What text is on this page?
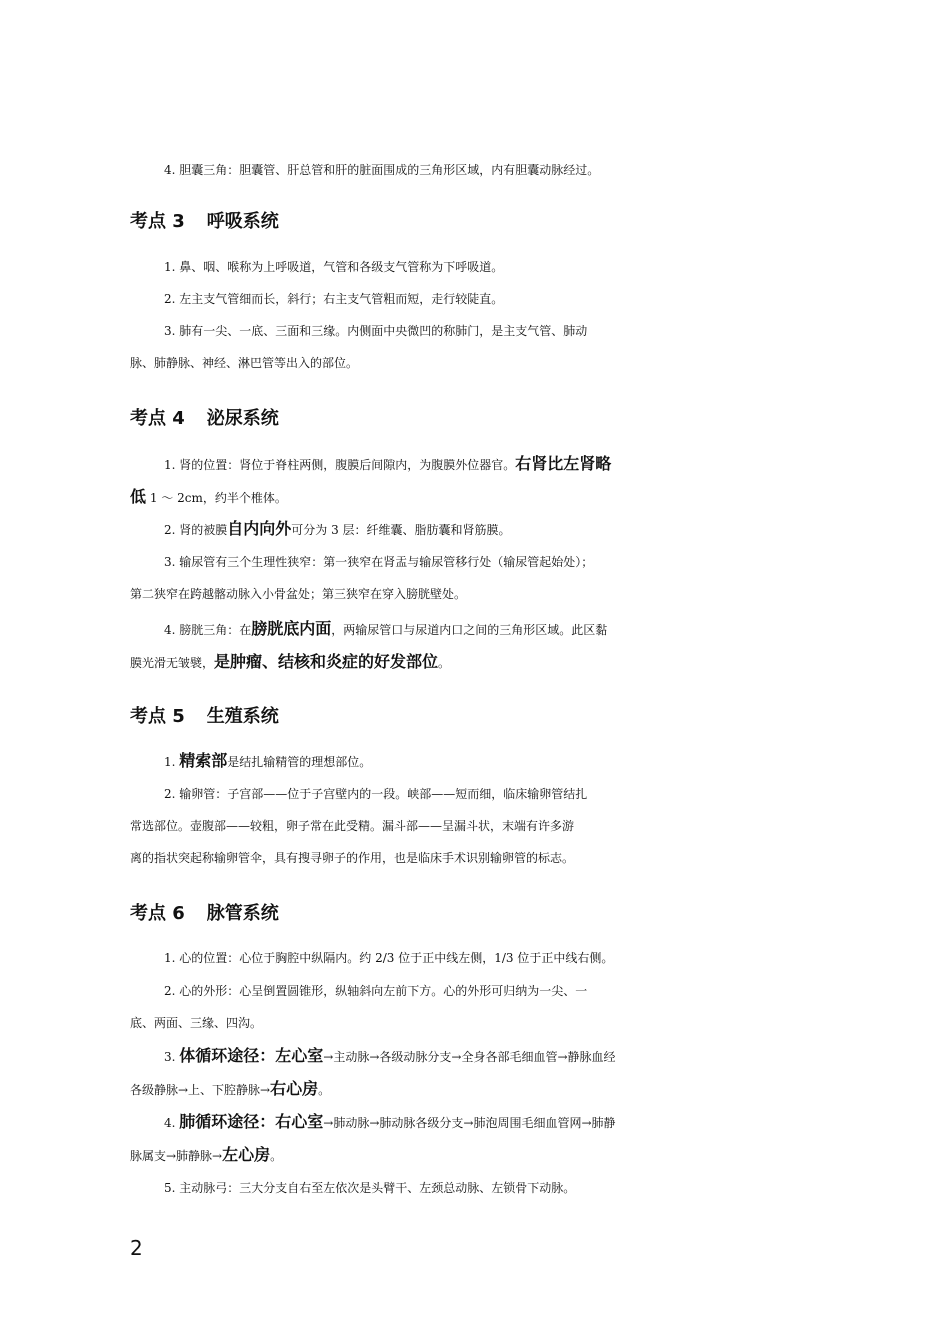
4. 胆囊三角：胆囊管、肝总管和肝的脏面围成的三角形区域，内有胆囊动脉经过。

考点 3 呼吸系统

1. 鼻、咽、喉称为上呼吸道，气管和各级支气管称为下呼吸道。

2. 左主支气管细而长，斜行；右主支气管粗而短，走行较陡直。

3. 肺有一尖、一底、三面和三缘。内侧面中央微凹的称肺门，是主支气管、肺动
脉、肺静脉、神经、淋巴管等出入的部位。

考点 4 泌尿系统

1. 肾的位置：肾位于脊柱两侧，腹膜后间隙内，为腹膜外位器官。右肾比左肾略
低 1 ～ 2cm，约半个椎体。

2. 肾的被膜自内向外可分为 3 层：纤维囊、脂肪囊和肾筋膜。

3. 输尿管有三个生理性狭窄：第一狭窄在肾盂与输尿管移行处（输尿管起始处）；
第二狭窄在跨越髂动脉入小骨盆处；第三狭窄在穿入膀胱壁处。

4. 膀胱三角：在膀胱底内面，两输尿管口与尿道内口之间的三角形区域。此区黏
膜光滑无皱襞，是肿瘤、结核和炎症的好发部位。

考点 5 生殖系统

1. 精索部是结扎输精管的理想部位。

2. 输卵管：子宫部——位于子宫壁内的一段。峡部——短而细，临床输卵管结扎
常选部位。壶腹部——较粗，卵子常在此受精。漏斗部——呈漏斗状，末端有许多游
离的指状突起称输卵管伞，具有搜寻卵子的作用，也是临床手术识别输卵管的标志。

考点 6 脉管系统

1. 心的位置：心位于胸腔中纵隔内。约 2/3 位于正中线左侧，1/3 位于正中线右侧。

2. 心的外形：心呈倒置圆锥形，纵轴斜向左前下方。心的外形可归纳为一尖、一
底、两面、三缘、四沟。

3. 体循环途径：左心室→主动脉→各级动脉分支→全身各部毛细血管→静脉血经
各级静脉→上、下腔静脉→右心房。

4. 肺循环途径：右心室→肺动脉→肺动脉各级分支→肺泡周围毛细血管网→肺静
脉属支→肺静脉→左心房。

5. 主动脉弓：三大分支自右至左依次是头臂干、左颈总动脉、左锁骨下动脉。

2
